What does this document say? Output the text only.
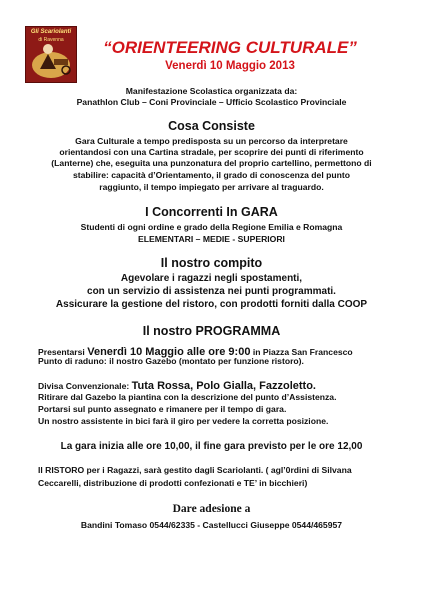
Gli Scariolanti
di Ravenna	“ORIENTEERING CULTURALE”
Venerdì 10 Maggio 2013
Manifestazione Scolastica organizzata da:
Panathlon Club – Coni Provinciale – Ufficio Scolastico Provinciale
Cosa Consiste
Gara Culturale a tempo predisposta su un percorso da interpretare
orientandosi con una Cartina stradale, per scoprire dei punti di riferimento
(Lanterne) che, eseguita una punzonatura del proprio cartellino, permettono di
stabilire: capacità d’Orientamento, il grado di conoscenza del punto
raggiunto, il tempo impiegato per arrivare al traguardo.
I Concorrenti In GARA
Studenti di ogni ordine e grado della Regione Emilia e Romagna
ELEMENTARI – MEDIE - SUPERIORI
Il nostro compito
Agevolare i ragazzi negli spostamenti,
con un servizio di assistenza nei punti programmati.
Assicurare la gestione del ristoro, con prodotti forniti dalla COOP
Il nostro PROGRAMMA
Presentarsi Venerdì 10 Maggio alle ore 9:00 in Piazza San Francesco
Punto di raduno: il nostro Gazebo (montato per funzione ristoro).
Divisa Convenzionale: Tuta Rossa, Polo Gialla, Fazzoletto.
Ritirare dal Gazebo la piantina con la descrizione del punto d’Assistenza.
Portarsi sul punto assegnato e rimanere per il tempo di gara.
Un nostro assistente in bici farà il giro per vedere la corretta posizione.
La gara inizia alle ore 10,00, il fine gara previsto per le ore 12,00
Il RISTORO per i Ragazzi, sarà gestito dagli Scariolanti. ( agl’0rdini di Silvana
Ceccarelli, distribuzione di prodotti confezionati e TE’ in bicchieri)
Dare adesione a
Bandini Tomaso 0544/62335 - Castellucci Giuseppe 0544/465957
